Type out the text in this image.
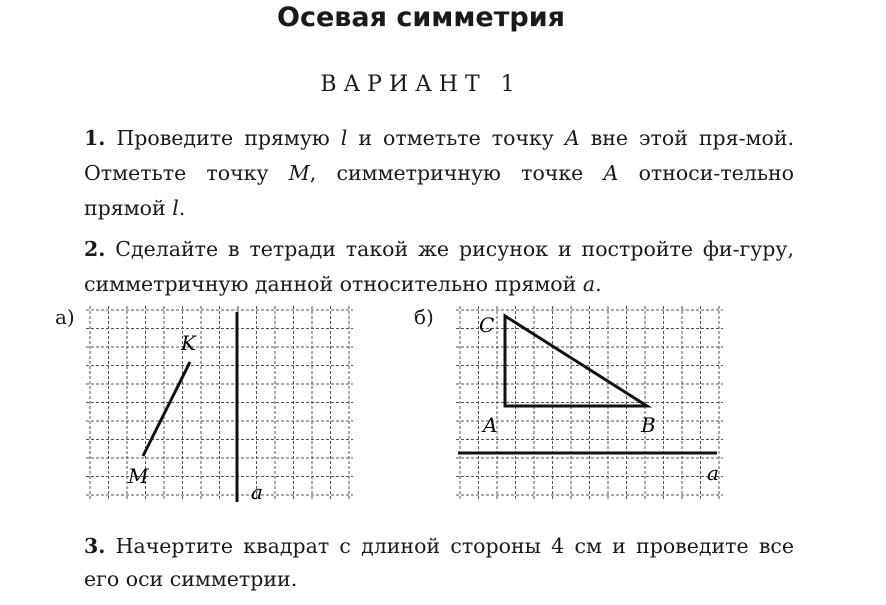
Осевая симметрия
ВАРИАНТ 1
1. Проведите прямую l и отметьте точку A вне этой пря-мой. Отметьте точку M, симметричную точке A относи-тельно прямой l.
2. Сделайте в тетради такой же рисунок и постройте фи-гуру, симметричную данной относительно прямой a.
а)	б)
K
M
a
C
A	B
a
3. Начертите квадрат с длиной стороны 4 см и проведите все его оси симметрии.
